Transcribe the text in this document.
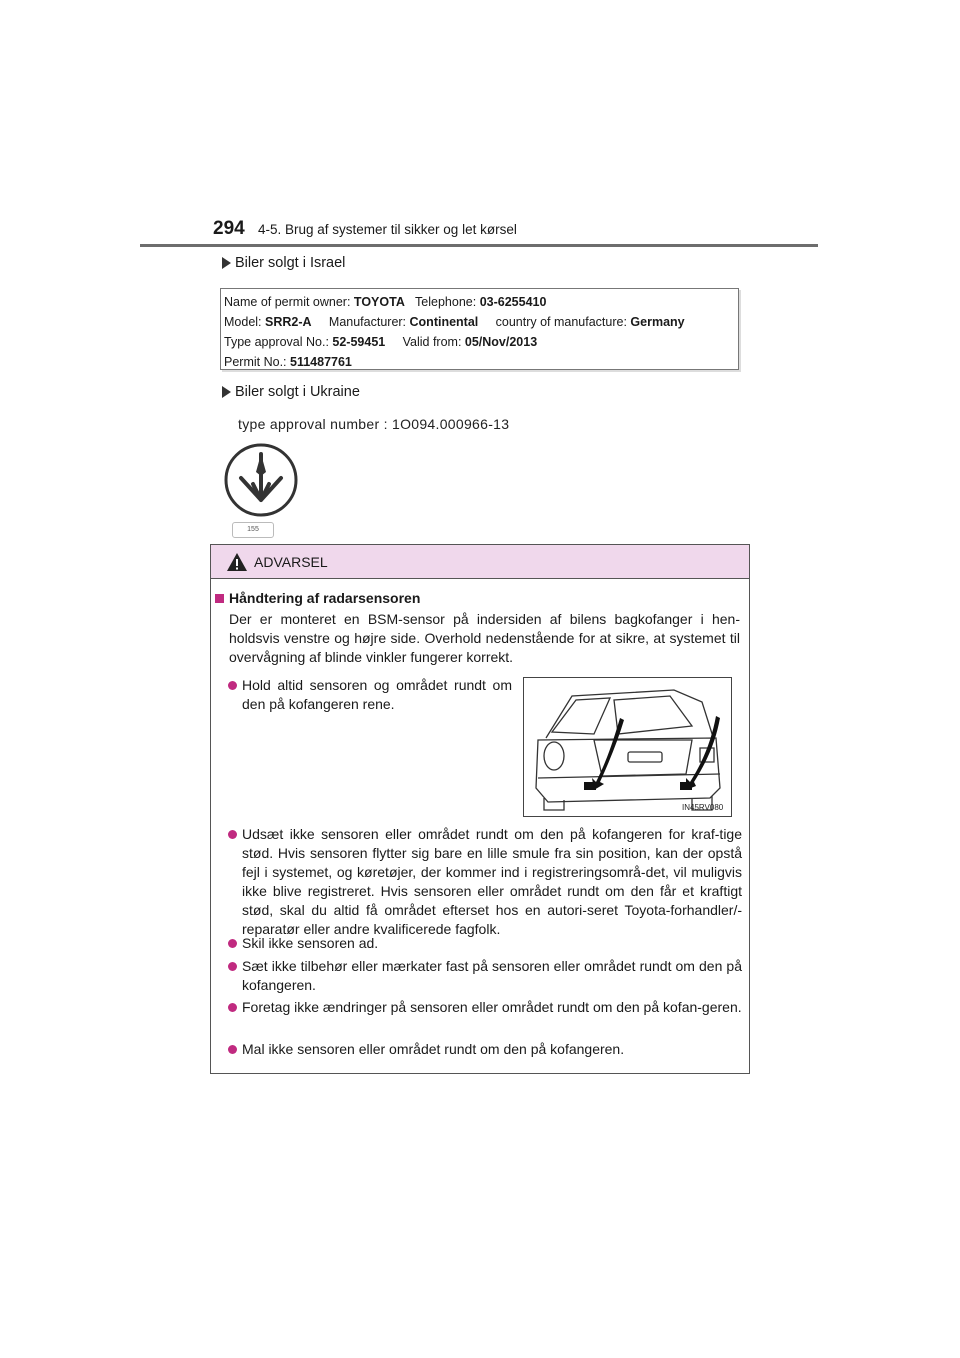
294 4-5. Brug af systemer til sikker og let kørsel
Biler solgt i Israel
Name of permit owner: TOYOTA   Telephone: 03-6255410
Model: SRR2-A     Manufacturer: Continental     country of manufacture: Germany
Type approval No.: 52-59451     Valid from: 05/Nov/2013
Permit No.: 511487761
Biler solgt i Ukraine
type approval number : 1O094.000966-13
155
ADVARSEL
Håndtering af radarsensoren
Der er monteret en BSM-sensor på indersiden af bilens bagkofanger i hen-holdsvis venstre og højre side. Overhold nedenstående for at sikre, at systemet til overvågning af blinde vinkler fungerer korrekt.
Hold altid sensoren og området rundt om den på kofangeren rene.
IN45RV080
Udsæt ikke sensoren eller området rundt om den på kofangeren for kraf-tige stød. Hvis sensoren flytter sig bare en lille smule fra sin position, kan der opstå fejl i systemet, og køretøjer, der kommer ind i registreringsområ-det, vil muligvis ikke blive registreret. Hvis sensoren eller området rundt om den får et kraftigt stød, skal du altid få området efterset hos en autori-seret Toyota-forhandler/-reparatør eller andre kvalificerede fagfolk.
Skil ikke sensoren ad.
Sæt ikke tilbehør eller mærkater fast på sensoren eller området rundt om den på kofangeren.
Foretag ikke ændringer på sensoren eller området rundt om den på kofan-geren.
Mal ikke sensoren eller området rundt om den på kofangeren.
